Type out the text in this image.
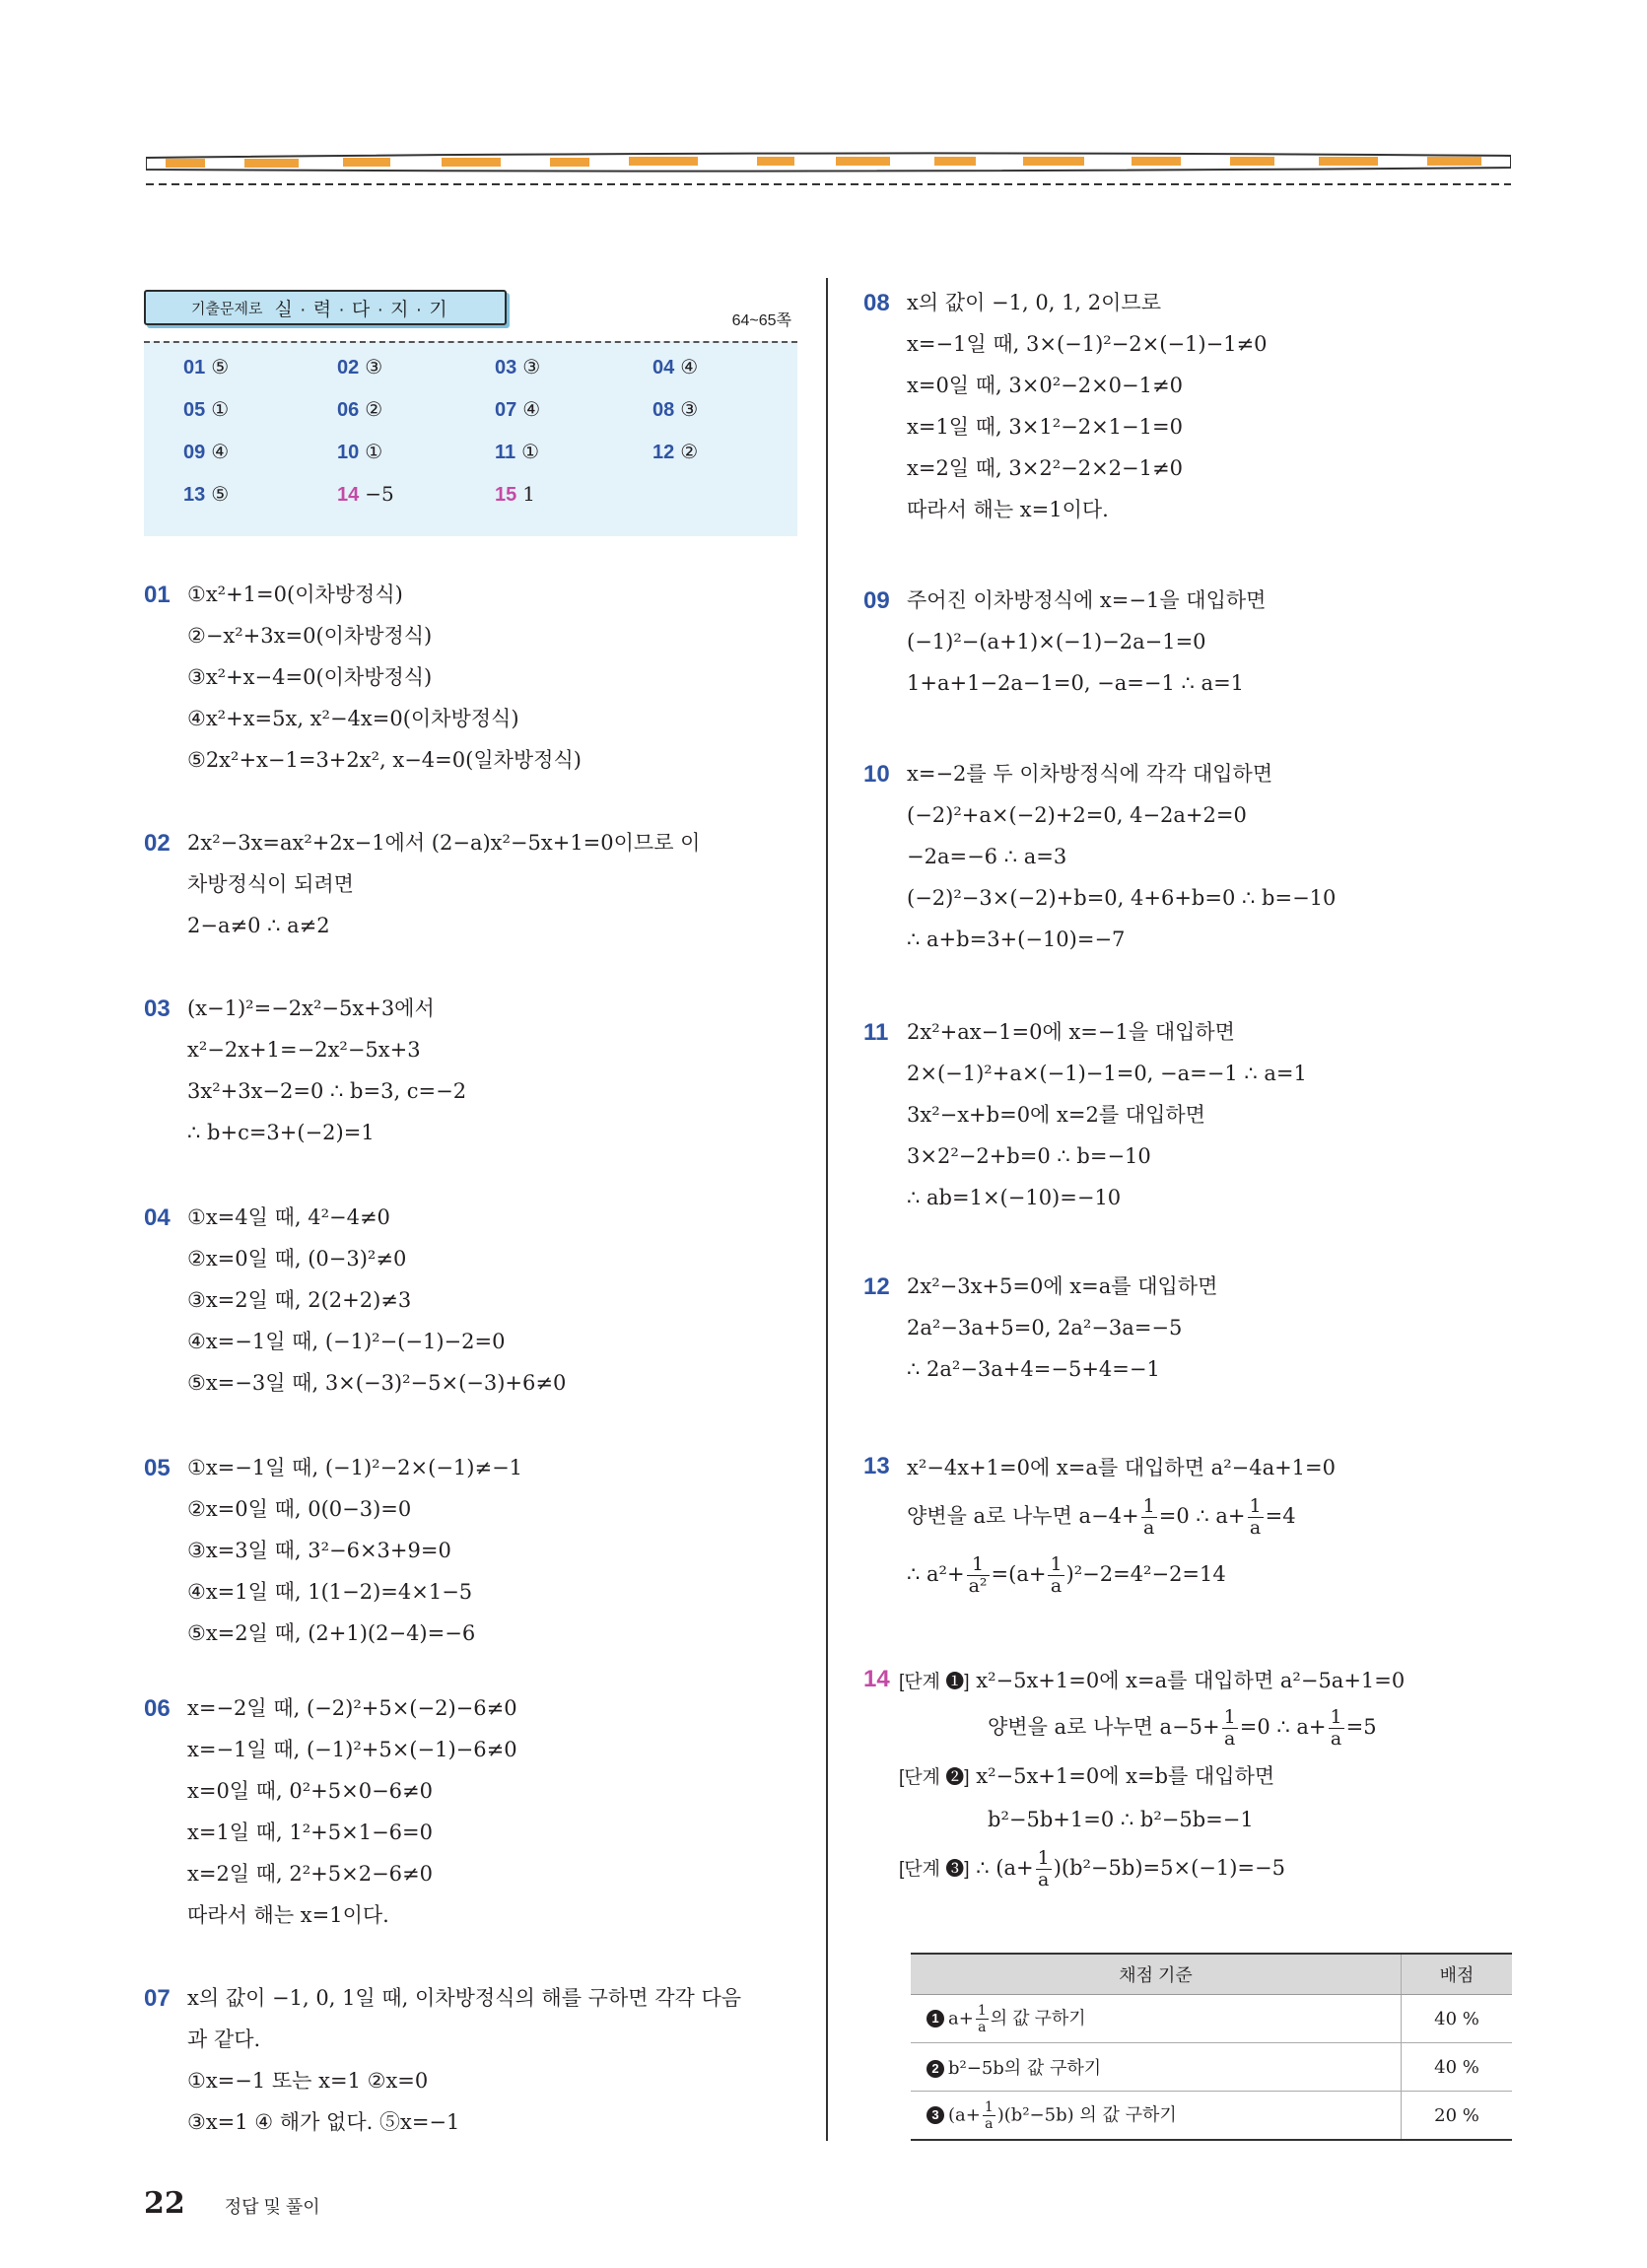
기출문제로 실 · 력 · 다 · 지 · 기
64~65쪽
01 ⑤	02 ③	03 ③	04 ④
05 ①	06 ②	07 ④	08 ③
09 ④	10 ①	11 ①	12 ②
13 ⑤	14 −5	15 1
01 ①x²+1=0(이차방정식)
②−x²+3x=0(이차방정식)
③x²+x−4=0(이차방정식)
④x²+x=5x, x²−4x=0(이차방정식)
⑤2x²+x−1=3+2x², x−4=0(일차방정식)
02 2x²−3x=ax²+2x−1에서 (2−a)x²−5x+1=0이므로 이
차방정식이 되려면
2−a≠0 ∴ a≠2
03 (x−1)²=−2x²−5x+3에서
x²−2x+1=−2x²−5x+3
3x²+3x−2=0 ∴ b=3, c=−2
∴ b+c=3+(−2)=1
04 ①x=4일 때, 4²−4≠0
②x=0일 때, (0−3)²≠0
③x=2일 때, 2(2+2)≠3
④x=−1일 때, (−1)²−(−1)−2=0
⑤x=−3일 때, 3×(−3)²−5×(−3)+6≠0
05 ①x=−1일 때, (−1)²−2×(−1)≠−1
②x=0일 때, 0(0−3)=0
③x=3일 때, 3²−6×3+9=0
④x=1일 때, 1(1−2)=4×1−5
⑤x=2일 때, (2+1)(2−4)=−6
06 x=−2일 때, (−2)²+5×(−2)−6≠0
x=−1일 때, (−1)²+5×(−1)−6≠0
x=0일 때, 0²+5×0−6≠0
x=1일 때, 1²+5×1−6=0
x=2일 때, 2²+5×2−6≠0
따라서 해는 x=1이다.
07 x의 값이 −1, 0, 1일 때, 이차방정식의 해를 구하면 각각 다음
과 같다.
①x=−1 또는 x=1 ②x=0
③x=1 ④ 해가 없다. ⑤x=−1
08 x의 값이 −1, 0, 1, 2이므로
x=−1일 때, 3×(−1)²−2×(−1)−1≠0
x=0일 때, 3×0²−2×0−1≠0
x=1일 때, 3×1²−2×1−1=0
x=2일 때, 3×2²−2×2−1≠0
따라서 해는 x=1이다.
09 주어진 이차방정식에 x=−1을 대입하면
(−1)²−(a+1)×(−1)−2a−1=0
1+a+1−2a−1=0, −a=−1 ∴ a=1
10 x=−2를 두 이차방정식에 각각 대입하면
(−2)²+a×(−2)+2=0, 4−2a+2=0
−2a=−6 ∴ a=3
(−2)²−3×(−2)+b=0, 4+6+b=0 ∴ b=−10
∴ a+b=3+(−10)=−7
11 2x²+ax−1=0에 x=−1을 대입하면
2×(−1)²+a×(−1)−1=0, −a=−1 ∴ a=1
3x²−x+b=0에 x=2를 대입하면
3×2²−2+b=0 ∴ b=−10
∴ ab=1×(−10)=−10
12 2x²−3x+5=0에 x=a를 대입하면
2a²−3a+5=0, 2a²−3a=−5
∴ 2a²−3a+4=−5+4=−1
13 x²−4x+1=0에 x=a를 대입하면 a²−4a+1=0
양변을 a로 나누면 $a-4+ \frac{1}{a} =0$ ∴ $a+ \frac{1}{a} =4$
∴ $a^2+ \frac{1}{\text{a²}} =(a+ \frac{1}{a} )^2-2=4^2-2=14$
14 [단계 ❶] x²−5x+1=0에 x=a를 대입하면 a²−5a+1=0
양변을 a로 나누면 $a-5+ \frac{1}{a} =0$ ∴ $a+ \frac{1}{a} =5$
[단계 ❷] x²−5x+1=0에 x=b를 대입하면
b²−5b+1=0 ∴ b²−5b=−1
[단계 ❸] ∴ $(a+ \frac{1}{a} )(b^2-5b)=5\times(-1)=-5$
채점 기준	배점
1 $a+ \frac{1}{a}$ 의 값 구하기	40 %
2 b²−5b의 값 구하기	40 %
3 $(a+ \frac{1}{a} )(b^2-5b)$ 의 값 구하기	20 %
22 정답 및 풀이
